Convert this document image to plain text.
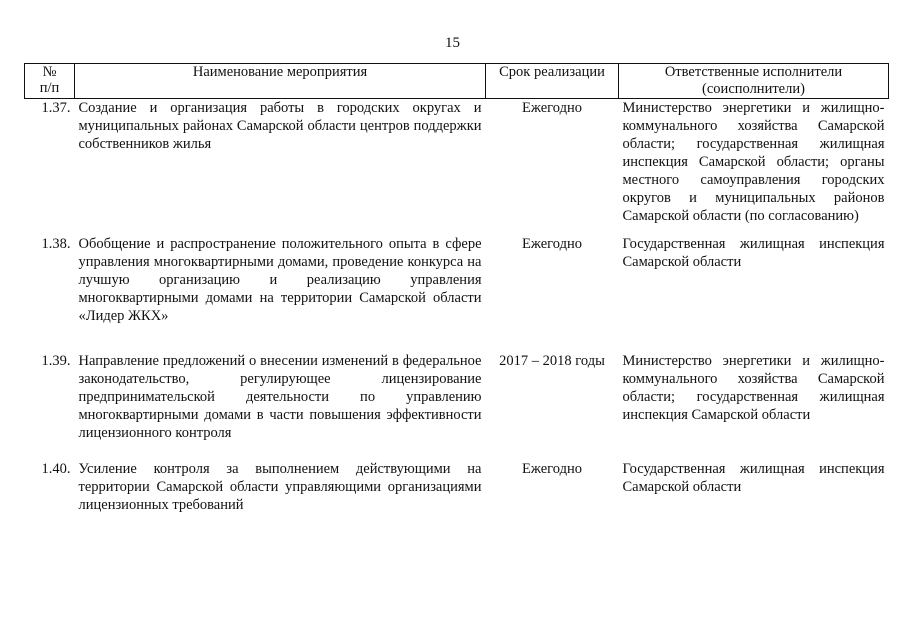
15
№
п/п	Наименование мероприятия	Срок реализации	Ответственные исполнители
(соисполнители)
1.37.	Создание и организация работы в городских округах и муниципальных районах Самарской области центров поддержки собственников жилья	Ежегодно	Министерство энергетики и жилищно-коммунального хозяйства Самарской области; государственная жилищная инспекция Самарской области; органы местного самоуправления городских округов и муниципальных районов Самарской области (по согласованию)
1.38.	Обобщение и распространение положительного опыта в сфере управления многоквартирными домами, проведение конкурса на лучшую организацию и реализацию управления многоквартирными домами на территории Самарской области «Лидер ЖКХ»	Ежегодно	Государственная жилищная инспекция Самарской области
1.39.	Направление предложений о внесении изменений в федеральное законодательство, регулирующее лицензирование предпринимательской деятельности по управлению многоквартирными домами в части повышения эффективности лицензионного контроля	2017 – 2018 годы	Министерство энергетики и жилищно-коммунального хозяйства Самарской области; государственная жилищная инспекция Самарской области
1.40.	Усиление контроля за выполнением действующими на территории Самарской области управляющими организациями лицензионных требований	Ежегодно	Государственная жилищная инспекция Самарской области
